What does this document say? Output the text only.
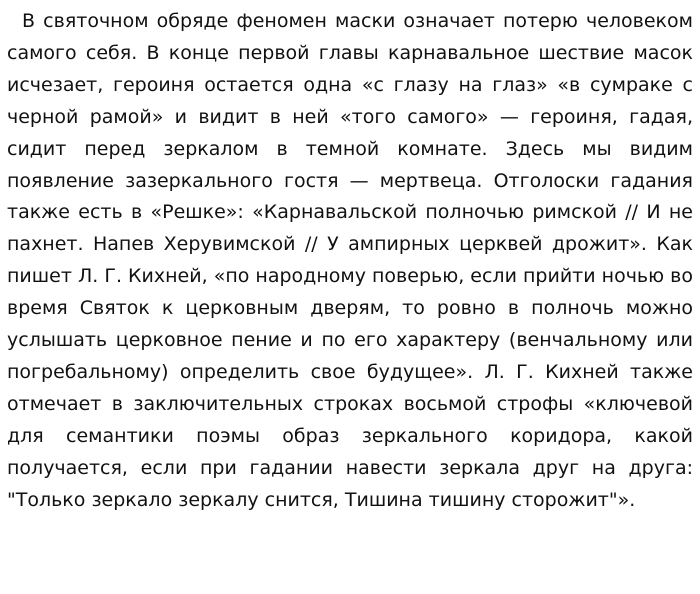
В святочном обряде феномен маски означает потерю человеком самого себя. В конце первой главы карнавальное шествие масок исчезает, героиня остается одна «с глазу на глаз» «в сумраке с черной рамой» и видит в ней «того самого» — героиня, гадая, сидит перед зеркалом в темной комнате. Здесь мы видим появление зазеркального гостя — мертвеца. Отголоски гадания также есть в «Решке»: «Карнавальской полночью римской // И не пахнет. Напев Херувимской // У ампирных церквей дрожит». Как пишет Л. Г. Кихней, «по народному поверью, если прийти ночью во время Святок к церковным дверям, то ровно в полночь можно услышать церковное пение и по его характеру (венчальному или погребальному) определить свое будущее». Л. Г. Кихней также отмечает в заключительных строках восьмой строфы «ключевой для семантики поэмы образ зеркального коридора, какой получается, если при гадании навести зеркала друг на друга: "Только зеркало зеркалу снится, Тишина тишину сторожит"».
